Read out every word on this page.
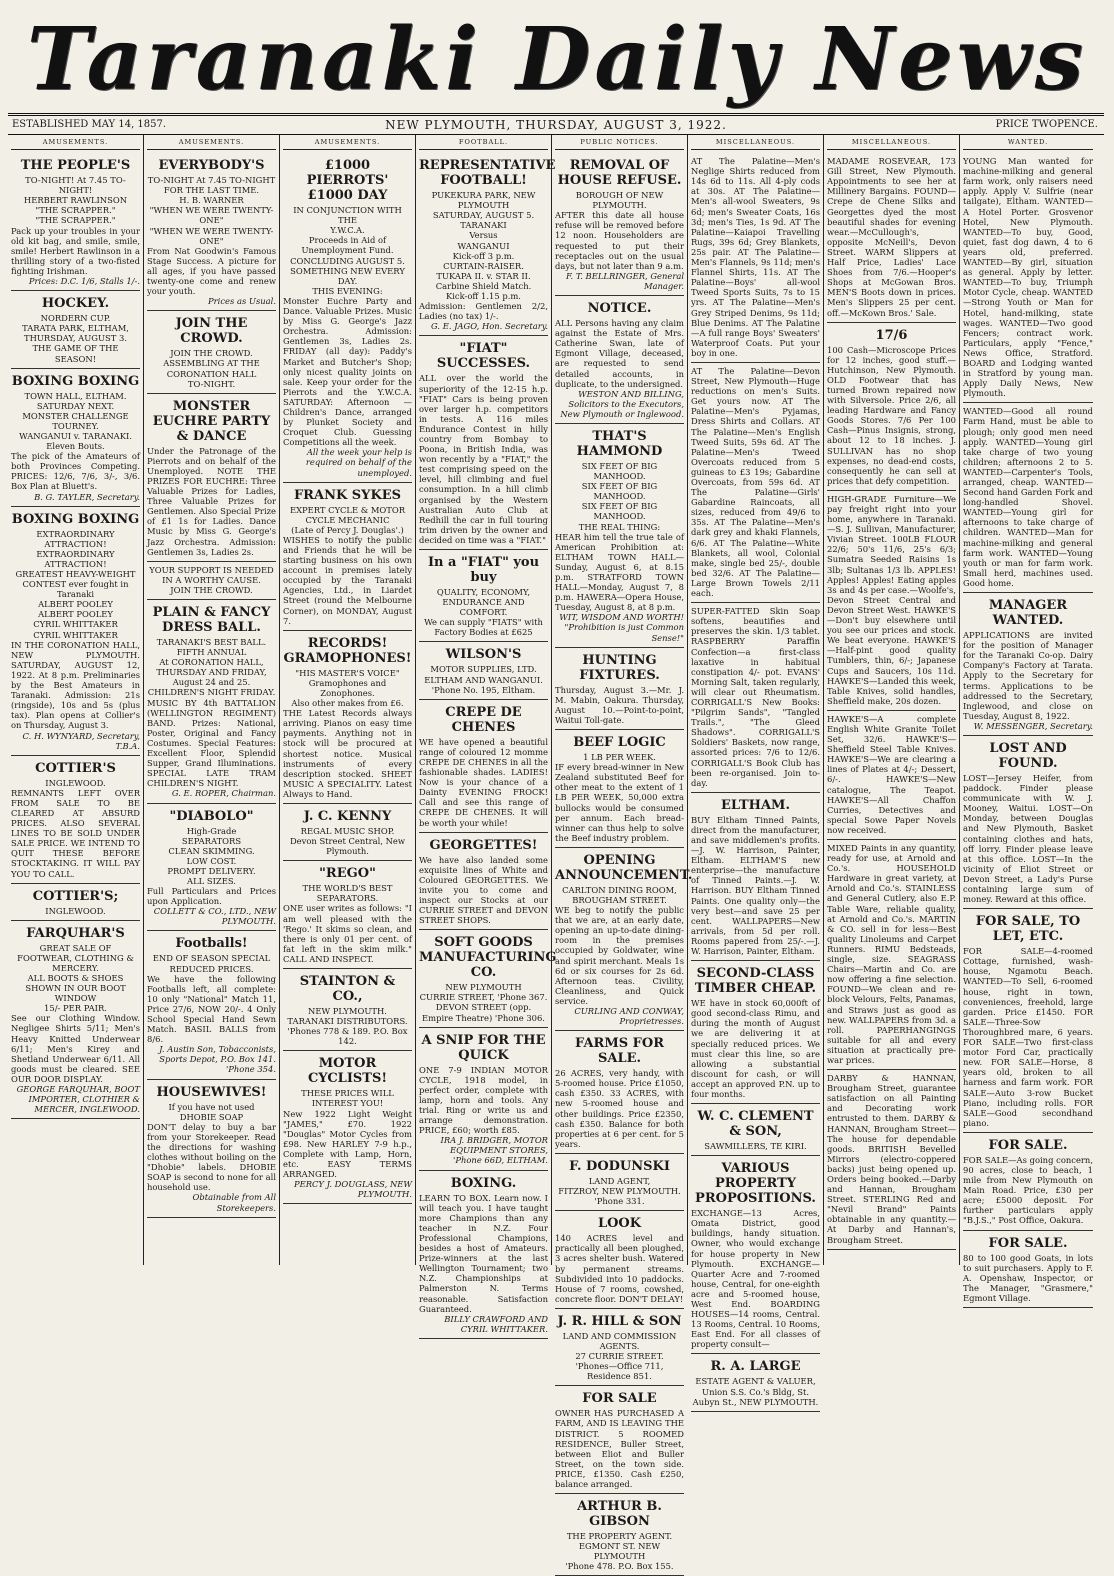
Taranaki Daily News
ESTABLISHED MAY 14, 1857.	NEW PLYMOUTH, THURSDAY, AUGUST 3, 1922.	PRICE TWOPENCE.
AMUSEMENTS.
THE PEOPLE'S
TO-NIGHT! At 7.45 TO-NIGHT!
HERBERT RAWLINSON
"THE SCRAPPER."
"THE SCRAPPER."
Pack up your troubles in your old kit bag, and smile, smile, smile! Herbert Rawlinson in a thrilling story of a two-fisted fighting Irishman.
Prices: D.C. 1/6, Stalls 1/-.
HOCKEY.
NORDERN CUP.
TARATA PARK, ELTHAM,
THURSDAY, AUGUST 3.
THE GAME OF THE SEASON!
BOXING BOXING
TOWN HALL, ELTHAM.
SATURDAY NEXT.
MONSTER CHALLENGE TOURNEY.
WANGANUI v. TARANAKI.
Eleven Bouts.
The pick of the Amateurs of both Provinces Competing. PRICES: 12/6, 7/6, 3/-, 3/6. Box Plan at Bluett's.
B. G. TAYLER, Secretary.
BOXING BOXING
EXTRAORDINARY ATTRACTION!
EXTRAORDINARY ATTRACTION!
GREATEST HEAVY-WEIGHT CONTEST ever fought in Taranaki
ALBERT POOLEY
ALBERT POOLEY
CYRIL WHITTAKER
CYRIL WHITTAKER
IN THE CORONATION HALL, NEW PLYMOUTH. SATURDAY, AUGUST 12, 1922. At 8 p.m. Preliminaries by the Best Amateurs in Taranaki. Admission: 21s (ringside), 10s and 5s (plus tax). Plan opens at Collier's on Thursday, August 3.
C. H. WYNYARD, Secretary, T.B.A.
COTTIER'S
INGLEWOOD.
REMNANTS LEFT OVER FROM SALE TO BE CLEARED AT ABSURD PRICES. ALSO SEVERAL LINES TO BE SOLD UNDER SALE PRICE. WE INTEND TO QUIT THESE BEFORE STOCKTAKING. IT WILL PAY YOU TO CALL.
COTTIER'S;
INGLEWOOD.
FARQUHAR'S
GREAT SALE OF FOOTWEAR, CLOTHING & MERCERY.
ALL BOOTS & SHOES SHOWN IN OUR BOOT WINDOW
15/- PER PAIR.
See our Clothing Window. Negligee Shirts 5/11; Men's Heavy Knitted Underwear 6/11; Men's Kirey and Shetland Underwear 6/11. All goods must be cleared. SEE OUR DOOR DISPLAY.
GEORGE FARQUHAR, BOOT IMPORTER, CLOTHIER & MERCER, INGLEWOOD.
AMUSEMENTS.
EVERYBODY'S
TO-NIGHT At 7.45 TO-NIGHT
FOR THE LAST TIME.
H. B. WARNER
"WHEN WE WERE TWENTY-ONE"
"WHEN WE WERE TWENTY-ONE"
From Nat Goodwin's Famous Stage Success. A picture for all ages, if you have passed twenty-one come and renew your youth.
Prices as Usual.
JOIN THE CROWD.
JOIN THE CROWD.
ASSEMBLING AT THE CORONATION HALL
TO-NIGHT.
MONSTER EUCHRE PARTY & DANCE
Under the Patronage of the Pierrots and on behalf of the Unemployed. NOTE THE PRIZES FOR EUCHRE: Three Valuable Prizes for Ladies, Three Valuable Prizes for Gentlemen. Also Special Prize of £1 1s for Ladies. Dance Music by Miss G. George's Jazz Orchestra. Admission: Gentlemen 3s, Ladies 2s.
YOUR SUPPORT IS NEEDED IN A WORTHY CAUSE.
JOIN THE CROWD.
PLAIN & FANCY DRESS BALL.
TARANAKI'S BEST BALL.
FIFTH ANNUAL
At CORONATION HALL,
THURSDAY AND FRIDAY, August 24 and 25.
CHILDREN'S NIGHT FRIDAY.
MUSIC BY 4th BATTALION (WELLINGTON REGIMENT) BAND. Prizes: National, Poster, Original and Fancy Costumes. Special Features: Excellent Floor, Splendid Supper, Grand Illuminations. SPECIAL LATE TRAM CHILDREN'S NIGHT.
G. E. ROPER, Chairman.
"DIABOLO"
High-Grade
SEPARATORS
CLEAN SKIMMING.
LOW COST.
PROMPT DELIVERY.
ALL SIZES.
Full Particulars and Prices upon Application.
COLLETT & CO., LTD., NEW PLYMOUTH.
Footballs!
END OF SEASON SPECIAL REDUCED PRICES.
We have the following Footballs left, all complete: 10 only "National" Match 11, Price 27/6, NOW 20/-. 4 Only School Special Hand Sewn Match. BASIL BALLS from 8/6.
J. Austin Son, Tobacconists, Sports Depot, P.O. Box 141. 'Phone 354.
HOUSEWIVES!
If you have not used
DHOBIE SOAP
DON'T delay to buy a bar from your Storekeeper. Read the directions for washing clothes without boiling on the "Dhobie" labels. DHOBIE SOAP is second to none for all household use.
Obtainable from All Storekeepers.
AMUSEMENTS.
£1000 PIERROTS' £1000 DAY
IN CONJUNCTION WITH THE
Y.W.C.A.
Proceeds in Aid of Unemployment Fund.
CONCLUDING AUGUST 5.
SOMETHING NEW EVERY DAY.
THIS EVENING:
Monster Euchre Party and Dance. Valuable Prizes. Music by Miss G. George's Jazz Orchestra. Admission: Gentlemen 3s, Ladies 2s. FRIDAY (all day): Paddy's Market and Butcher's Shop; only nicest quality joints on sale. Keep your order for the Pierrots and the Y.W.C.A. SATURDAY: Afternoon — Children's Dance, arranged by Plunket Society and Croquet Club. Guessing Competitions all the week.
All the week your help is required on behalf of the unemployed.
FRANK SYKES
EXPERT CYCLE & MOTOR CYCLE MECHANIC
(Late of Percy J. Douglas'.)
WISHES to notify the public and Friends that he will be starting business on his own account in premises lately occupied by the Taranaki Agencies, Ltd., in Liardet Street (round the Melbourne Corner), on MONDAY, August 7.
RECORDS! GRAMOPHONES!
"HIS MASTER'S VOICE"
Gramophones and Zonophones.
Also other makes from £6.
THE Latest Records always arriving. Pianos on easy time payments. Anything not in stock will be procured at shortest notice. Musical instruments of every description stocked. SHEET MUSIC A SPECIALITY. Latest Always to Hand.
J. C. KENNY
REGAL MUSIC SHOP.
Devon Street Central, New Plymouth.
"REGO"
THE WORLD'S BEST SEPARATORS.
ONE user writes as follows: "I am well pleased with the 'Rego.' It skims so clean, and there is only 01 per cent. of fat left in the skim milk." CALL AND INSPECT.
STAINTON & CO.,
NEW PLYMOUTH.
TARANAKI DISTRIBUTORS.
'Phones 778 & 189. P.O. Box 142.
MOTOR CYCLISTS!
THESE PRICES WILL INTEREST YOU!
New 1922 Light Weight "JAMES," £70. 1922 "Douglas" Motor Cycles from £98. New HARLEY 7-9 h.p., Complete with Lamp, Horn, etc. EASY TERMS ARRANGED.
PERCY J. DOUGLASS, NEW PLYMOUTH.
FOOTBALL.
REPRESENTATIVE FOOTBALL!
PUKEKURA PARK, NEW PLYMOUTH
SATURDAY, AUGUST 5.
TARANAKI
Versus
WANGANUI
Kick-off 3 p.m.
CURTAIN-RAISER.
TUKAPA II. v. STAR II.
Carbine Shield Match.
Kick-off 1.15 p.m.
Admission: Gentlemen 2/2, Ladies (no tax) 1/-.
G. E. JAGO, Hon. Secretary.
"FIAT" SUCCESSES.
ALL over the world the superiority of the 12-15 h.p. "FIAT" Cars is being proven over larger h.p. competitors in tests. A 116 miles Endurance Contest in hilly country from Bombay to Poona, in British India, was won recently by a "FIAT," the test comprising speed on the level, hill climbing and fuel consumption. In a hill climb organised by the Western Australian Auto Club at Redhill the car in full touring trim driven by the owner and decided on time was a "FIAT."
In a "FIAT" you buy
QUALITY, ECONOMY, ENDURANCE AND COMFORT.
We can supply "FIATS" with Factory Bodies at £625
WILSON'S
MOTOR SUPPLIES, LTD.
ELTHAM AND WANGANUI.
'Phone No. 195, Eltham.
CREPE DE CHENES
WE have opened a beautiful range of coloured 12 momme CREPE DE CHENES in all the fashionable shades. LADIES! Now is your chance of a Dainty EVENING FROCK! Call and see this range of CREPE DE CHENES. It will be worth your while!
GEORGETTES!
We have also landed some exquisite lines of White and Coloured GEORGETTES. We invite you to come and inspect our Stocks at our CURRIE STREET and DEVON STREET SHOPS.
SOFT GOODS MANUFACTURING CO.
NEW PLYMOUTH
CURRIE STREET, 'Phone 367.
DEVON STREET (opp. Empire Theatre) 'Phone 306.
A SNIP FOR THE QUICK
ONE 7-9 INDIAN MOTOR CYCLE, 1918 model, in perfect order, complete with lamp, horn and tools. Any trial. Ring or write us and arrange demonstration. PRICE, £60; worth £85.
IRA J. BRIDGER, MOTOR EQUIPMENT STORES, 'Phone 66D, ELTHAM.
BOXING.
LEARN TO BOX. Learn now. I will teach you. I have taught more Champions than any teacher in N.Z. Four Professional Champions, besides a host of Amateurs. Prize-winners at the last Wellington Tournament; two N.Z. Championships at Palmerston N. Terms reasonable. Satisfaction Guaranteed.
BILLY CRAWFORD AND CYRIL WHITTAKER.
PUBLIC NOTICES.
REMOVAL OF HOUSE REFUSE.
BOROUGH OF NEW PLYMOUTH.
AFTER this date all house refuse will be removed before 12 noon. Householders are requested to put their receptacles out on the usual days, but not later than 9 a.m.
F. T. BELLRINGER, General Manager.
NOTICE.
ALL Persons having any claim against the Estate of Mrs. Catherine Swan, late of Egmont Village, deceased, are requested to send detailed accounts, in duplicate, to the undersigned.
WESTON AND BILLING, Solicitors to the Executors, New Plymouth or Inglewood.
THAT'S HAMMOND
SIX FEET OF BIG MANHOOD.
SIX FEET OF BIG MANHOOD.
SIX FEET OF BIG MANHOOD.
THE REAL THING:
HEAR him tell the true tale of American Prohibition at: ELTHAM TOWN HALL—Sunday, August 6, at 8.15 p.m. STRATFORD TOWN HALL—Monday, August 7, 8 p.m. HAWERA—Opera House, Tuesday, August 8, at 8 p.m.
WIT, WISDOM AND WORTH! "Prohibition is just Common Sense!"
HUNTING FIXTURES.
Thursday, August 3.—Mr. J. M. Mabin, Oakura. Thursday, August 10.—Point-to-point, Waitui Toll-gate.
BEEF LOGIC
1 LB PER WEEK.
IF every bread-winner in New Zealand substituted Beef for other meat to the extent of 1 LB PER WEEK, 50,000 extra bullocks would be consumed per annum. Each bread-winner can thus help to solve the Beef industry problem.
OPENING ANNOUNCEMENT.
CARLTON DINING ROOM,
BROUGHAM STREET.
WE beg to notify the public that we are, at an early date, opening an up-to-date dining-room in the premises occupied by Goldwater, wine and spirit merchant. Meals 1s 6d or six courses for 2s 6d. Afternoon teas. Civility, Cleanliness, and Quick service.
CURLING AND CONWAY, Proprietresses.
FARMS FOR SALE.
26 ACRES, very handy, with 5-roomed house. Price £1050, cash £350. 33 ACRES, with new 5-roomed house and other buildings. Price £2350, cash £350. Balance for both properties at 6 per cent. for 5 years.
F. DODUNSKI
LAND AGENT,
FITZROY, NEW PLYMOUTH. 'Phone 331.
LOOK
140 ACRES level and practically all been ploughed, 3 acres shelter bush. Watered by permanent streams. Subdivided into 10 paddocks. House of 7 rooms, cowshed, concrete floor. DON'T DELAY!
J. R. HILL & SON
LAND AND COMMISSION AGENTS.
27 CURRIE STREET.
'Phones—Office 711, Residence 851.
FOR SALE
OWNER HAS PURCHASED A FARM, AND IS LEAVING THE DISTRICT. 5 ROOMED RESIDENCE, Buller Street, between Eliot and Buller Street, on the town side. PRICE, £1350. Cash £250, balance arranged.
ARTHUR B. GIBSON
THE PROPERTY AGENT.
EGMONT ST. NEW PLYMOUTH
'Phone 478. P.O. Box 155.
MISCELLANEOUS.
AT The Palatine—Men's Neglige Shirts reduced from 14s 6d to 11s. All 4-ply cods at 30s. AT The Palatine—Men's all-wool Sweaters, 9s 6d; men's Sweater Coats, 16s 3d; men's Ties, 1s 9d. AT The Palatine—Kaiapoi Travelling Rugs, 39s 6d; Grey Blankets, 25s pair. AT The Palatine—Men's Flannels, 9s 11d; men's Flannel Shirts, 11s. AT The Palatine—Boys' all-wool Tweed Sports Suits, 7s to 15 yrs. AT The Palatine—Men's Grey Striped Denims, 9s 11d; Blue Denims. AT The Palatine—A full range Boys' Sweaters' Waterproof Coats. Put your boy in one.
AT The Palatine—Devon Street, New Plymouth—Huge reductions on men's Suits. Get yours now. AT The Palatine—Men's Pyjamas, Dress Shirts and Collars. AT The Palatine—Men's English Tweed Suits, 59s 6d. AT The Palatine—Men's Tweed Overcoats reduced from 5 guineas to £3 19s; Gabardine Overcoats, from 59s 6d. AT The Palatine—Girls' Gabardine Raincoats, all sizes, reduced from 49/6 to 35s. AT The Palatine—Men's dark grey and khaki Flannels, 6/6. AT The Palatine—White Blankets, all wool, Colonial make, single bed 25/-, double bed 32/6. AT The Palatine—Large Brown Towels 2/11 each.
SUPER-FATTED Skin Soap softens, beautifies and preserves the skin. 1/3 tablet. RASPBERRY Paraffin Confection—a first-class laxative in habitual constipation 4/- pot. EVANS' Morning Salt, taken regularly, will clear out Rheumatism. CORRIGALL'S New Books: "Pilgrim Sands", "Tangled Trails.", "The Gleed Shadows". CORRIGALL'S Soldiers' Baskets, now range, assorted prices: 7/6 to 12/6. CORRIGALL'S Book Club has been re-organised. Join to-day.
ELTHAM.
BUY Eltham Tinned Paints, direct from the manufacturer, and save middlemen's profits.—J. W. Harrison, Painter, Eltham. ELTHAM'S new enterprise—the manufacture of Tinned Paints.—J. W. Harrison. BUY Eltham Tinned Paints. One quality only—the very best—and save 25 per cent. WALLPAPERS—New arrivals, from 5d per roll. Rooms papered from 25/-.—J. W. Harrison, Painter, Eltham.
SECOND-CLASS TIMBER CHEAP.
WE have in stock 60,000ft of good second-class Rimu, and during the month of August we are delivering it at specially reduced prices. We must clear this line, so are allowing a substantial discount for cash, or will accept an approved P.N. up to four months.
W. C. CLEMENT & SON,
SAWMILLERS, TE KIRI.
VARIOUS PROPERTY PROPOSITIONS.
EXCHANGE—13 Acres, Omata District, good buildings, handy situation. Owner, who would exchange for house property in New Plymouth. EXCHANGE—Quarter Acre and 7-roomed house, Central, for one-eighth acre and 5-roomed house, West End. BOARDING HOUSES—14 rooms, Central. 13 Rooms, Central. 10 Rooms, East End. For all classes of property consult—
R. A. LARGE
ESTATE AGENT & VALUER,
Union S.S. Co.'s Bldg, St. Aubyn St., NEW PLYMOUTH.
MISCELLANEOUS.
MADAME ROSEVEAR, 173 Gill Street, New Plymouth. Appointments to see her at Millinery Bargains. FOUND—Crepe de Chene Silks and Georgettes dyed the most beautiful shades for evening wear.—McCullough's, opposite McNeill's, Devon Street. WARM Slippers at Half Price, Ladies' Lace Shoes from 7/6.—Hooper's Shops at McGowan Bros. MEN'S Boots down in prices. Men's Slippers 25 per cent. off.—McKown Bros.' Sale.
17/6
100 Cash—Microscope Prices for 12 inches, good stuff.—Hutchinson, New Plymouth. OLD Footwear that has turned Brown repaired now with Silversole. Price 2/6, all leading Hardware and Fancy Goods Stores. 7/6 Per 100 Cash—Pinus Insignis, strong, about 12 to 18 inches. J. SULLIVAN has no shop expenses, no dead-end costs, consequently he can sell at prices that defy competition.
HIGH-GRADE Furniture—We pay freight right into your home, anywhere in Taranaki.—S. J. Sullivan, Manufacturer, Vivian Street. 100LB FLOUR 22/6; 50's 11/6, 25's 6/3; Sumatra Seeded Raisins 1s 3lb; Sultanas 1/3 lb. APPLES! Apples! Apples! Eating apples 3s and 4s per case.—Woolfe's, Devon Street Central and Devon Street West. HAWKE'S—Don't buy elsewhere until you see our prices and stock. We beat everyone. HAWKE'S—Half-pint good quality Tumblers, thin, 6/-; Japanese Cups and Saucers, 10s 11d. HAWKE'S—Landed this week, Table Knives, solid handles, Sheffield make, 20s dozen.
HAWKE'S—A complete English White Granite Toilet Set, 32/6. HAWKE'S—Sheffield Steel Table Knives. HAWKE'S—We are clearing a lines of Plates at 4/-; Dessert, 6/-. HAWKE'S—New catalogue, The Teapot. HAWKE'S—All Chaffon Curries, Detectives and special Sowe Paper Novels now received.
MIXED Paints in any quantity, ready for use, at Arnold and Co.'s. HOUSEHOLD Hardware in great variety, at Arnold and Co.'s. STAINLESS and General Cutlery, also E.P. Table Ware, reliable quality, at Arnold and Co.'s. MARTIN & CO. sell in for less—Best quality Linoleums and Carpet Runners. RIMU Bedsteads, single, size. SEAGRASS Chairs—Martin and Co. are now offering a fine selection. FOUND—We clean and re-block Velours, Felts, Panamas, and Straws just as good as new. WALLPAPERS from 3d. a roll. PAPERHANGINGS suitable for all and every situation at practically pre-war prices.
DARBY & HANNAN, Brougham Street, guarantee satisfaction on all Painting and Decorating work entrusted to them. DARBY & HANNAN, Brougham Street—The house for dependable goods. BRITISH Bevelled Mirrors (electro-coppered backs) just being opened up. Orders being booked.—Darby and Hannan, Brougham Street. STERLING Red and "Nevil Brand" Paints obtainable in any quantity.—At Darby and Hannan's, Brougham Street.
WANTED.
YOUNG Man wanted for machine-milking and general farm work, only raisers need apply. Apply V. Sulfrie (near tailgate), Eltham. WANTED—A Hotel Porter. Grosvenor Hotel, New Plymouth. WANTED—To buy, Good, quiet, fast dog dawn, 4 to 6 years old, preferred. WANTED—By girl, situation as general. Apply by letter. WANTED—To buy, Triumph Motor Cycle, cheap. WANTED—Strong Youth or Man for Hotel, hand-milking, state wages. WANTED—Two good Fencers; contract work. Particulars, apply "Fence," News Office, Stratford. BOARD and Lodging wanted in Stratford by young man. Apply Daily News, New Plymouth.
WANTED—Good all round Farm Hand, must be able to plough; only good men need apply. WANTED—Young girl take charge of two young children; afternoons 2 to 5. WANTED—Carpenter's Tools, arranged, cheap. WANTED—Second hand Garden Fork and long-handled Shovel. WANTED—Young girl for afternoons to take charge of children. WANTED—Man for machine-milking and general farm work. WANTED—Young youth or man for farm work. Small herd, machines used. Good home.
MANAGER WANTED.
APPLICATIONS are invited for the position of Manager for the Taranaki Co-op. Dairy Company's Factory at Tarata. Apply to the Secretary for terms. Applications to be addressed to the Secretary, Inglewood, and close on Tuesday, August 8, 1922.
W. MESSENGER, Secretary.
LOST AND FOUND.
LOST—Jersey Heifer, from paddock. Finder please communicate with W. J. Mooney, Waitui. LOST—On Monday, between Douglas and New Plymouth, Basket containing clothes and hats, off lorry. Finder please leave at this office. LOST—In the vicinity of Eliot Street or Devon Street, a Lady's Purse containing large sum of money. Reward at this office.
FOR SALE, TO LET, ETC.
FOR SALE—4-roomed Cottage, furnished, wash-house, Ngamotu Beach. WANTED—To Sell, 6-roomed house, right in town, conveniences, freehold, large garden. Price £1450. FOR SALE—Three-Sow Thoroughbred mare, 6 years. FOR SALE—Two first-class motor Ford Car, practically new. FOR SALE—Horse, 8 years old, broken to all harness and farm work. FOR SALE—Auto 3-row Bucket Piano, including rolls. FOR SALE—Good secondhand piano.
FOR SALE.
FOR SALE—As going concern, 90 acres, close to beach, 1 mile from New Plymouth on Main Road. Price, £30 per acre; £5000 deposit. For further particulars apply "B.J.S.," Post Office, Oakura.
FOR SALE.
80 to 100 good Goats, in lots to suit purchasers. Apply to F. A. Openshaw, Inspector, or The Manager, "Grasmere," Egmont Village.
